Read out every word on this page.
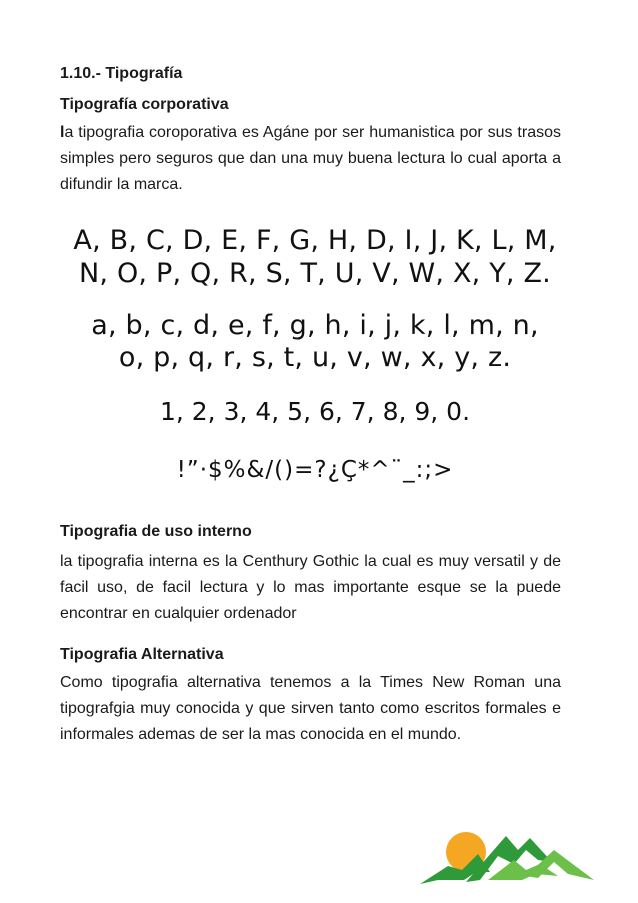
1.10.- Tipografía

Tipografía corporativa

la tipografia coroporativa es Agáne por ser humanistica por sus trasos simples pero seguros que dan una muy buena lectura lo cual aporta a difundir la marca.

A, B, C, D, E, F, G, H, D, I, J, K, L, M,

N, O, P, Q, R, S, T, U, V, W, X, Y, Z.

a, b, c, d, e, f, g, h, i, j, k, l, m, n,

o, p, q, r, s, t, u, v, w, x, y, z.

1, 2, 3, 4, 5, 6, 7, 8, 9, 0.

!”·$%&/()=?¿Ç*^¨_:;>

Tipografia de uso interno

la tipografia interna es la Centhury Gothic la cual es muy versatil y de facil uso, de facil lectura y lo mas importante esque se la puede encontrar en cualquier ordenador

Tipografia Alternativa

Como tipografia alternativa tenemos a la Times New Roman una tipografgia muy conocida y que sirven tanto como escritos formales e informales ademas de ser la mas conocida en el mundo.
